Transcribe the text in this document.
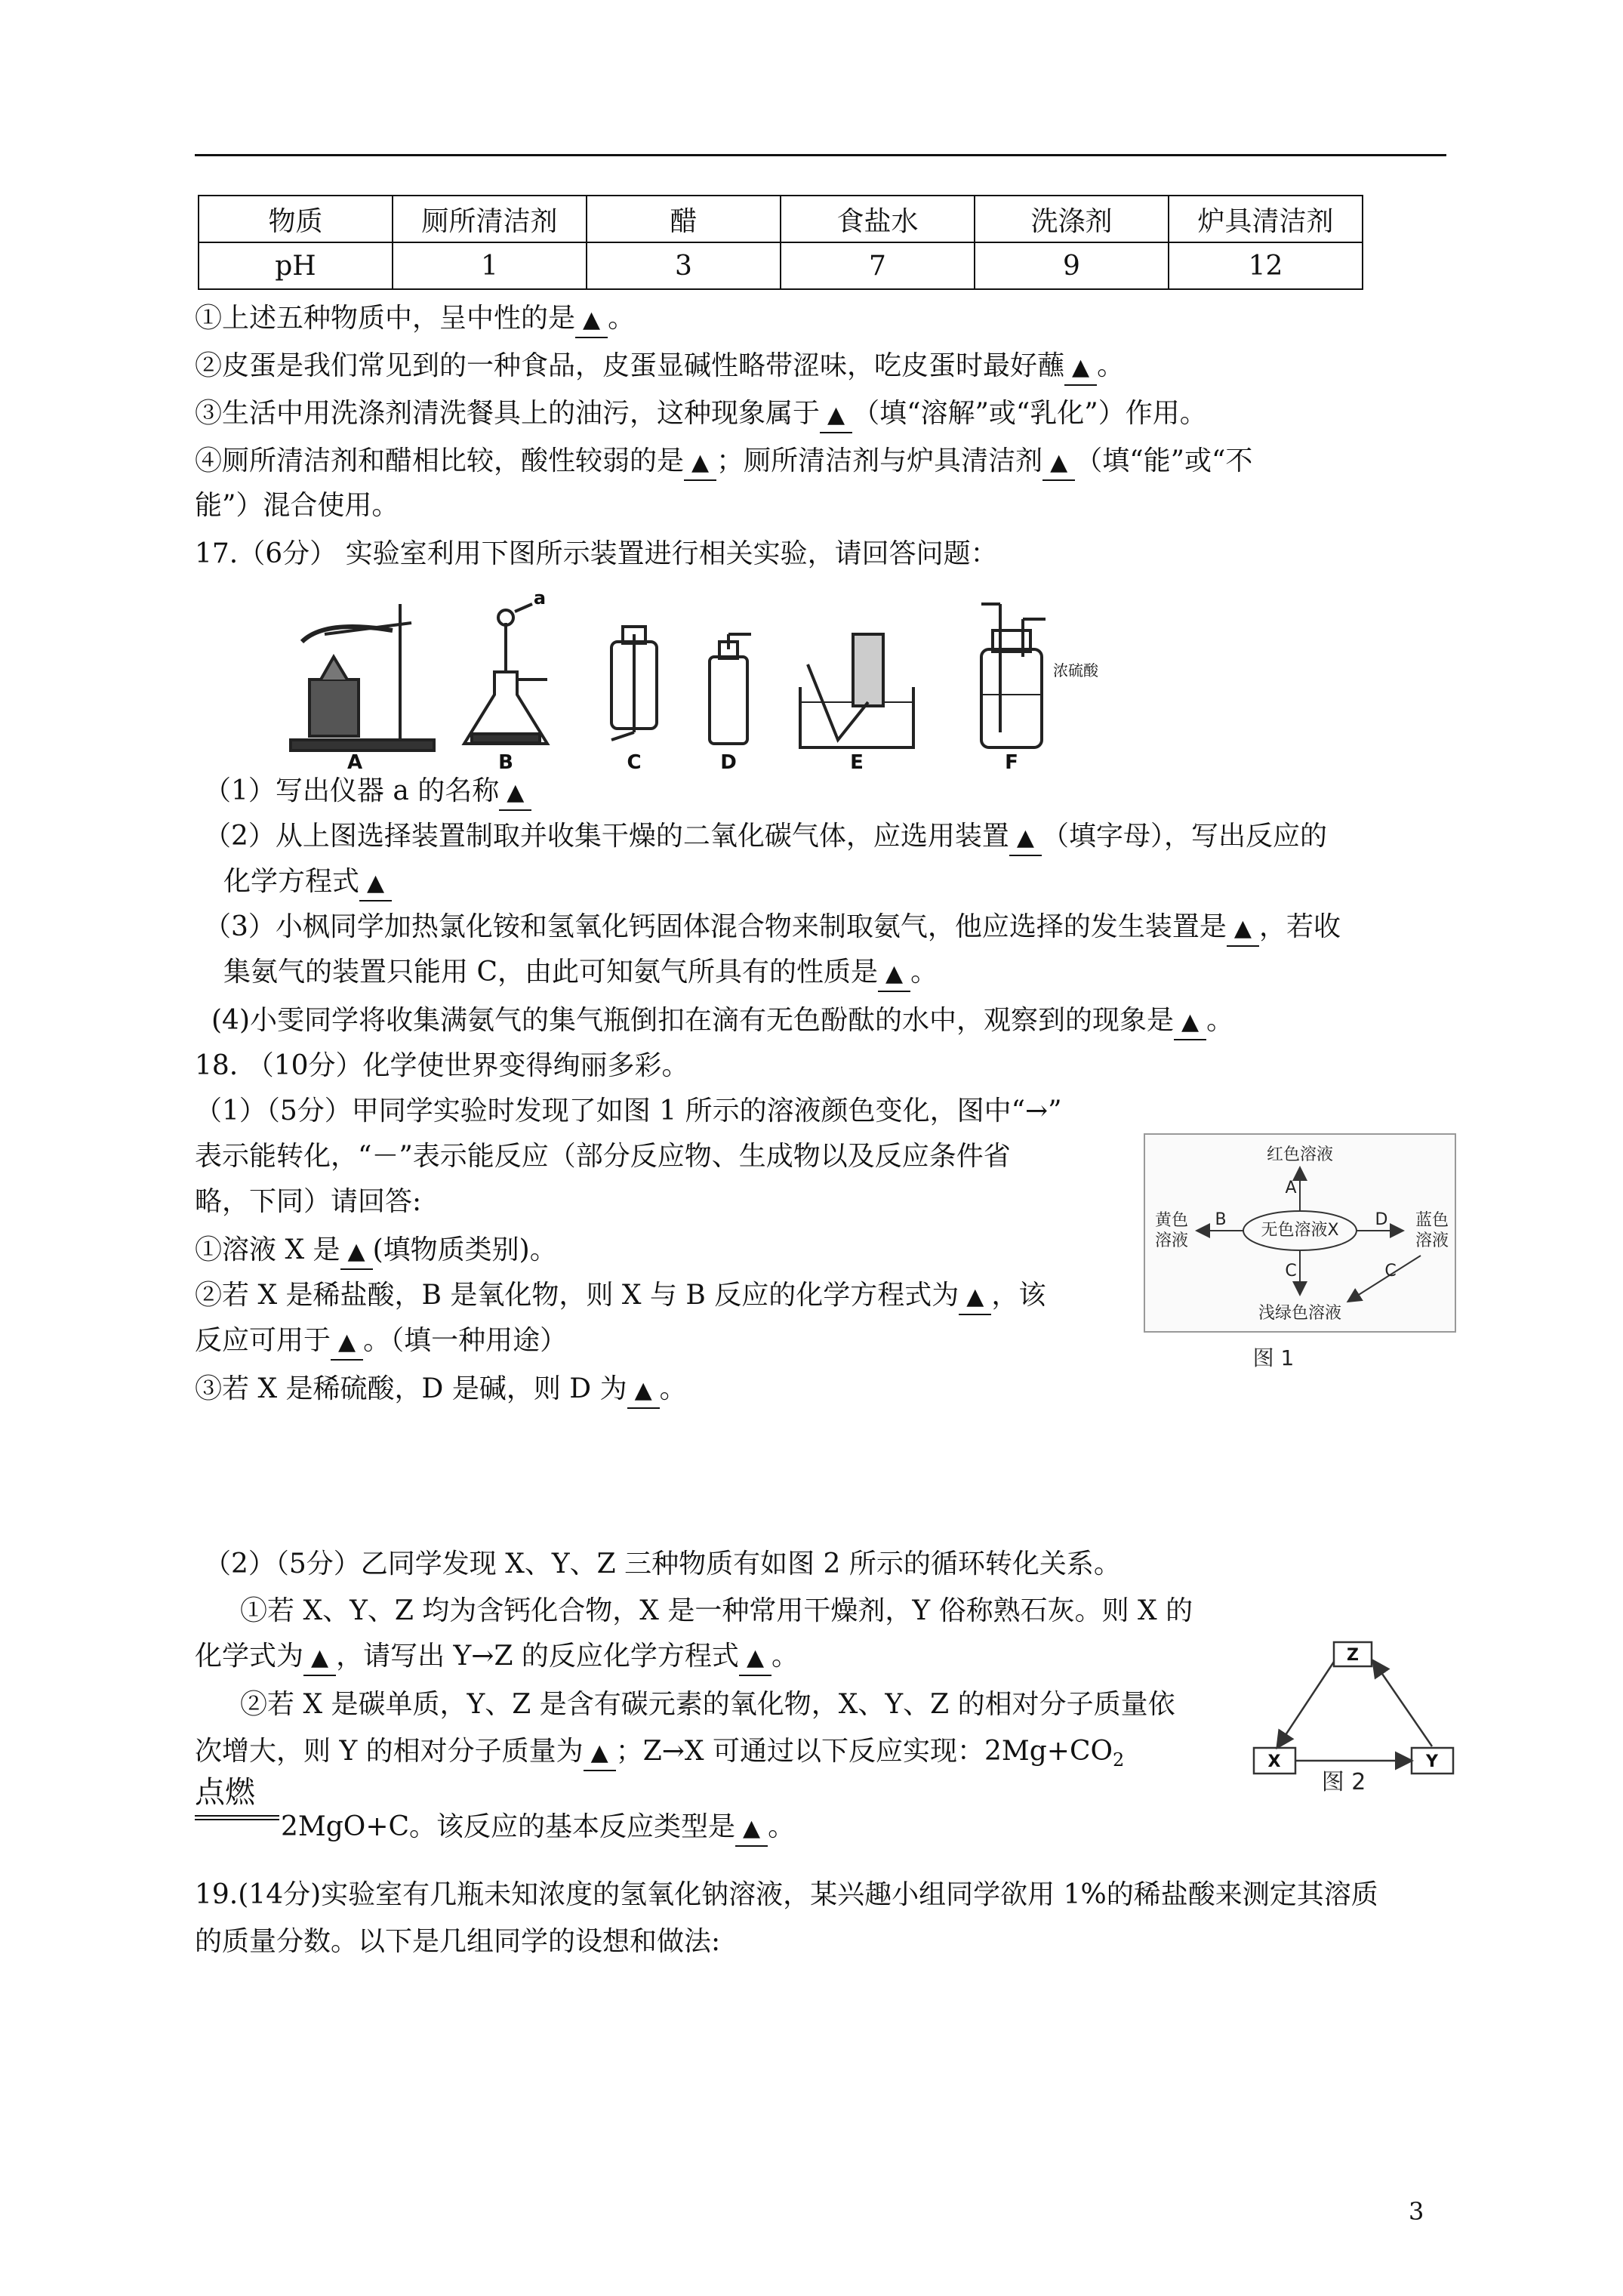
物质	厕所清洁剂	醋	食盐水	洗涤剂	炉具清洁剂
pH	1	3	7	9	12
①上述五种物质中，呈中性的是 ▲ 。
②皮蛋是我们常见到的一种食品，皮蛋显碱性略带涩味，吃皮蛋时最好蘸 ▲ 。
③生活中用洗涤剂清洗餐具上的油污，这种现象属于 ▲ （填“溶解”或“乳化”）作用。
④厕所清洁剂和醋相比较，酸性较弱的是 ▲ ；厕所清洁剂与炉具清洁剂 ▲ （填“能”或“不
能”）混合使用。
17.（6分） 实验室利用下图所示装置进行相关实验，请回答问题：
A	B	C	D	E	F
a
浓硫酸
（1）写出仪器 a 的名称 ▲
（2）从上图选择装置制取并收集干燥的二氧化碳气体，应选用装置 ▲ （填字母），写出反应的
化学方程式 ▲
（3）小枫同学加热氯化铵和氢氧化钙固体混合物来制取氨气，他应选择的发生装置是 ▲ ，若收
集氨气的装置只能用 C，由此可知氨气所具有的性质是 ▲ 。
(4)小雯同学将收集满氨气的集气瓶倒扣在滴有无色酚酞的水中，观察到的现象是 ▲ 。
18. （10分）化学使世界变得绚丽多彩。
（1）（5分）甲同学实验时发现了如图 1 所示的溶液颜色变化，图中“→”
表示能转化，“－”表示能反应（部分反应物、生成物以及反应条件省
略，下同）请回答:
①溶液 X 是 ▲ (填物质类别)。
②若 X 是稀盐酸，B 是氧化物，则 X 与 B 反应的化学方程式为 ▲ ，该
反应可用于 ▲ 。（填一种用途）
③若 X 是稀硫酸，D 是碱，则 D 为 ▲ 。
无色溶液X
红色溶液
黄色
溶液
蓝色
溶液
浅绿色溶液
A
B	D
C	C
图 1
（2）（5分）乙同学发现 X、Y、Z 三种物质有如图 2 所示的循环转化关系。
①若 X、Y、Z 均为含钙化合物，X 是一种常用干燥剂，Y 俗称熟石灰。则 X 的
化学式为 ▲ ，请写出 Y→Z 的反应化学方程式 ▲ 。
②若 X 是碳单质，Y、Z 是含有碳元素的氧化物，X、Y、Z 的相对分子质量依
次增大，则 Y 的相对分子质量为 ▲ ；Z→X 可通过以下反应实现：$2Mg+CO_2$
点燃
2MgO+C。该反应的基本反应类型是 ▲ 。
Z
X	Y
图 2
19.(14分)实验室有几瓶未知浓度的氢氧化钠溶液，某兴趣小组同学欲用 1%的稀盐酸来测定其溶质
的质量分数。以下是几组同学的设想和做法:
3
